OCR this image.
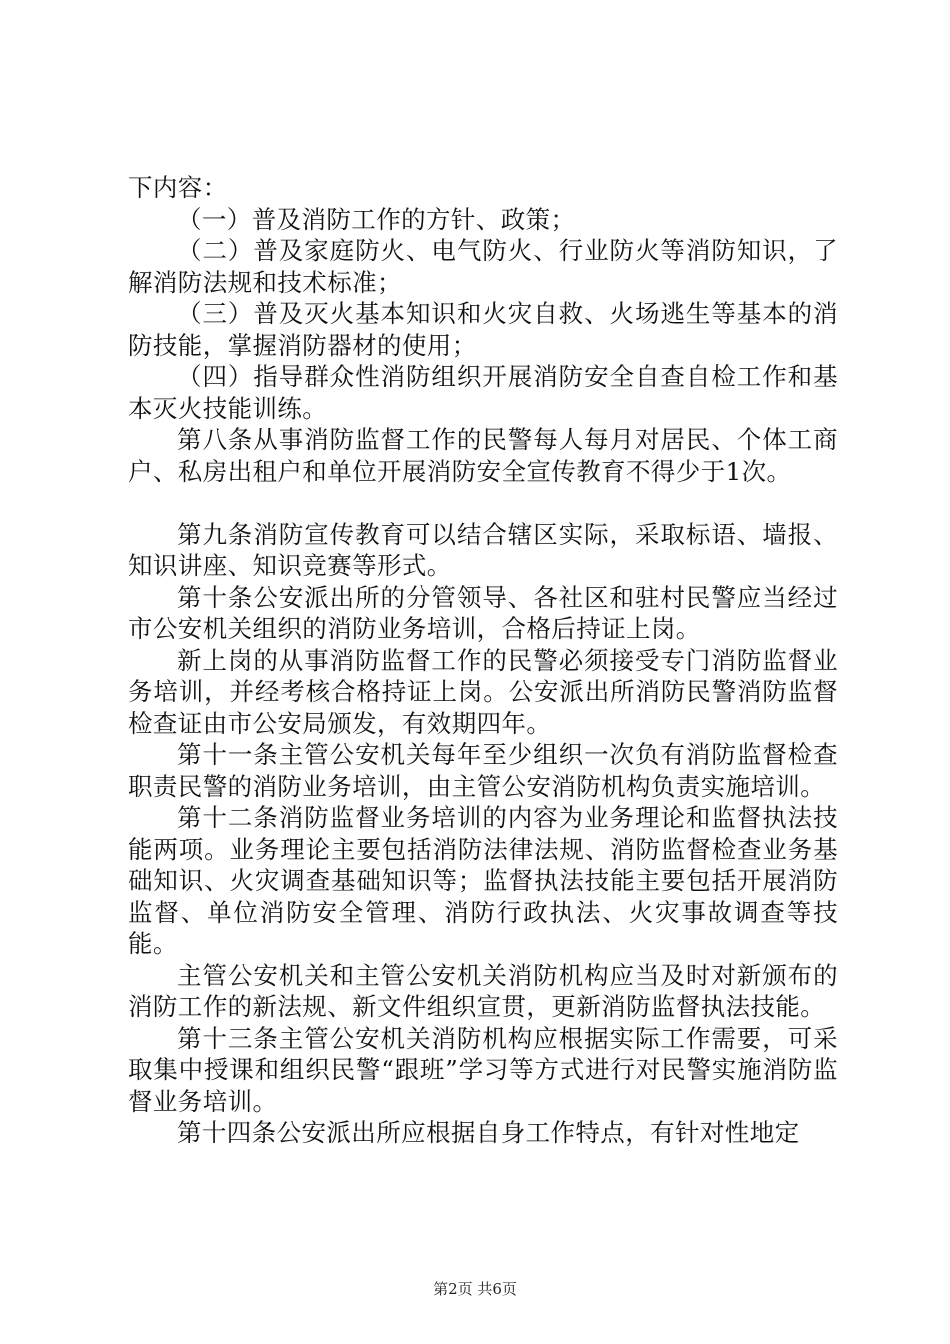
下内容：

（一）普及消防工作的方针、政策；

（二）普及家庭防火、电气防火、行业防火等消防知识，了解消防法规和技术标准；

（三）普及灭火基本知识和火灾自救、火场逃生等基本的消防技能，掌握消防器材的使用；

（四）指导群众性消防组织开展消防安全自查自检工作和基本灭火技能训练。

第八条从事消防监督工作的民警每人每月对居民、个体工商户、私房出租户和单位开展消防安全宣传教育不得少于1次。

第九条消防宣传教育可以结合辖区实际，采取标语、墙报、知识讲座、知识竞赛等形式。

第十条公安派出所的分管领导、各社区和驻村民警应当经过市公安机关组织的消防业务培训，合格后持证上岗。

新上岗的从事消防监督工作的民警必须接受专门消防监督业务培训，并经考核合格持证上岗。公安派出所消防民警消防监督检查证由市公安局颁发，有效期四年。

第十一条主管公安机关每年至少组织一次负有消防监督检查职责民警的消防业务培训，由主管公安消防机构负责实施培训。

第十二条消防监督业务培训的内容为业务理论和监督执法技能两项。业务理论主要包括消防法律法规、消防监督检查业务基础知识、火灾调查基础知识等；监督执法技能主要包括开展消防监督、单位消防安全管理、消防行政执法、火灾事故调查等技能。

主管公安机关和主管公安机关消防机构应当及时对新颁布的消防工作的新法规、新文件组织宣贯，更新消防监督执法技能。

第十三条主管公安机关消防机构应根据实际工作需要，可采取集中授课和组织民警“跟班”学习等方式进行对民警实施消防监督业务培训。

第十四条公安派出所应根据自身工作特点，有针对性地定

第2页 共6页
